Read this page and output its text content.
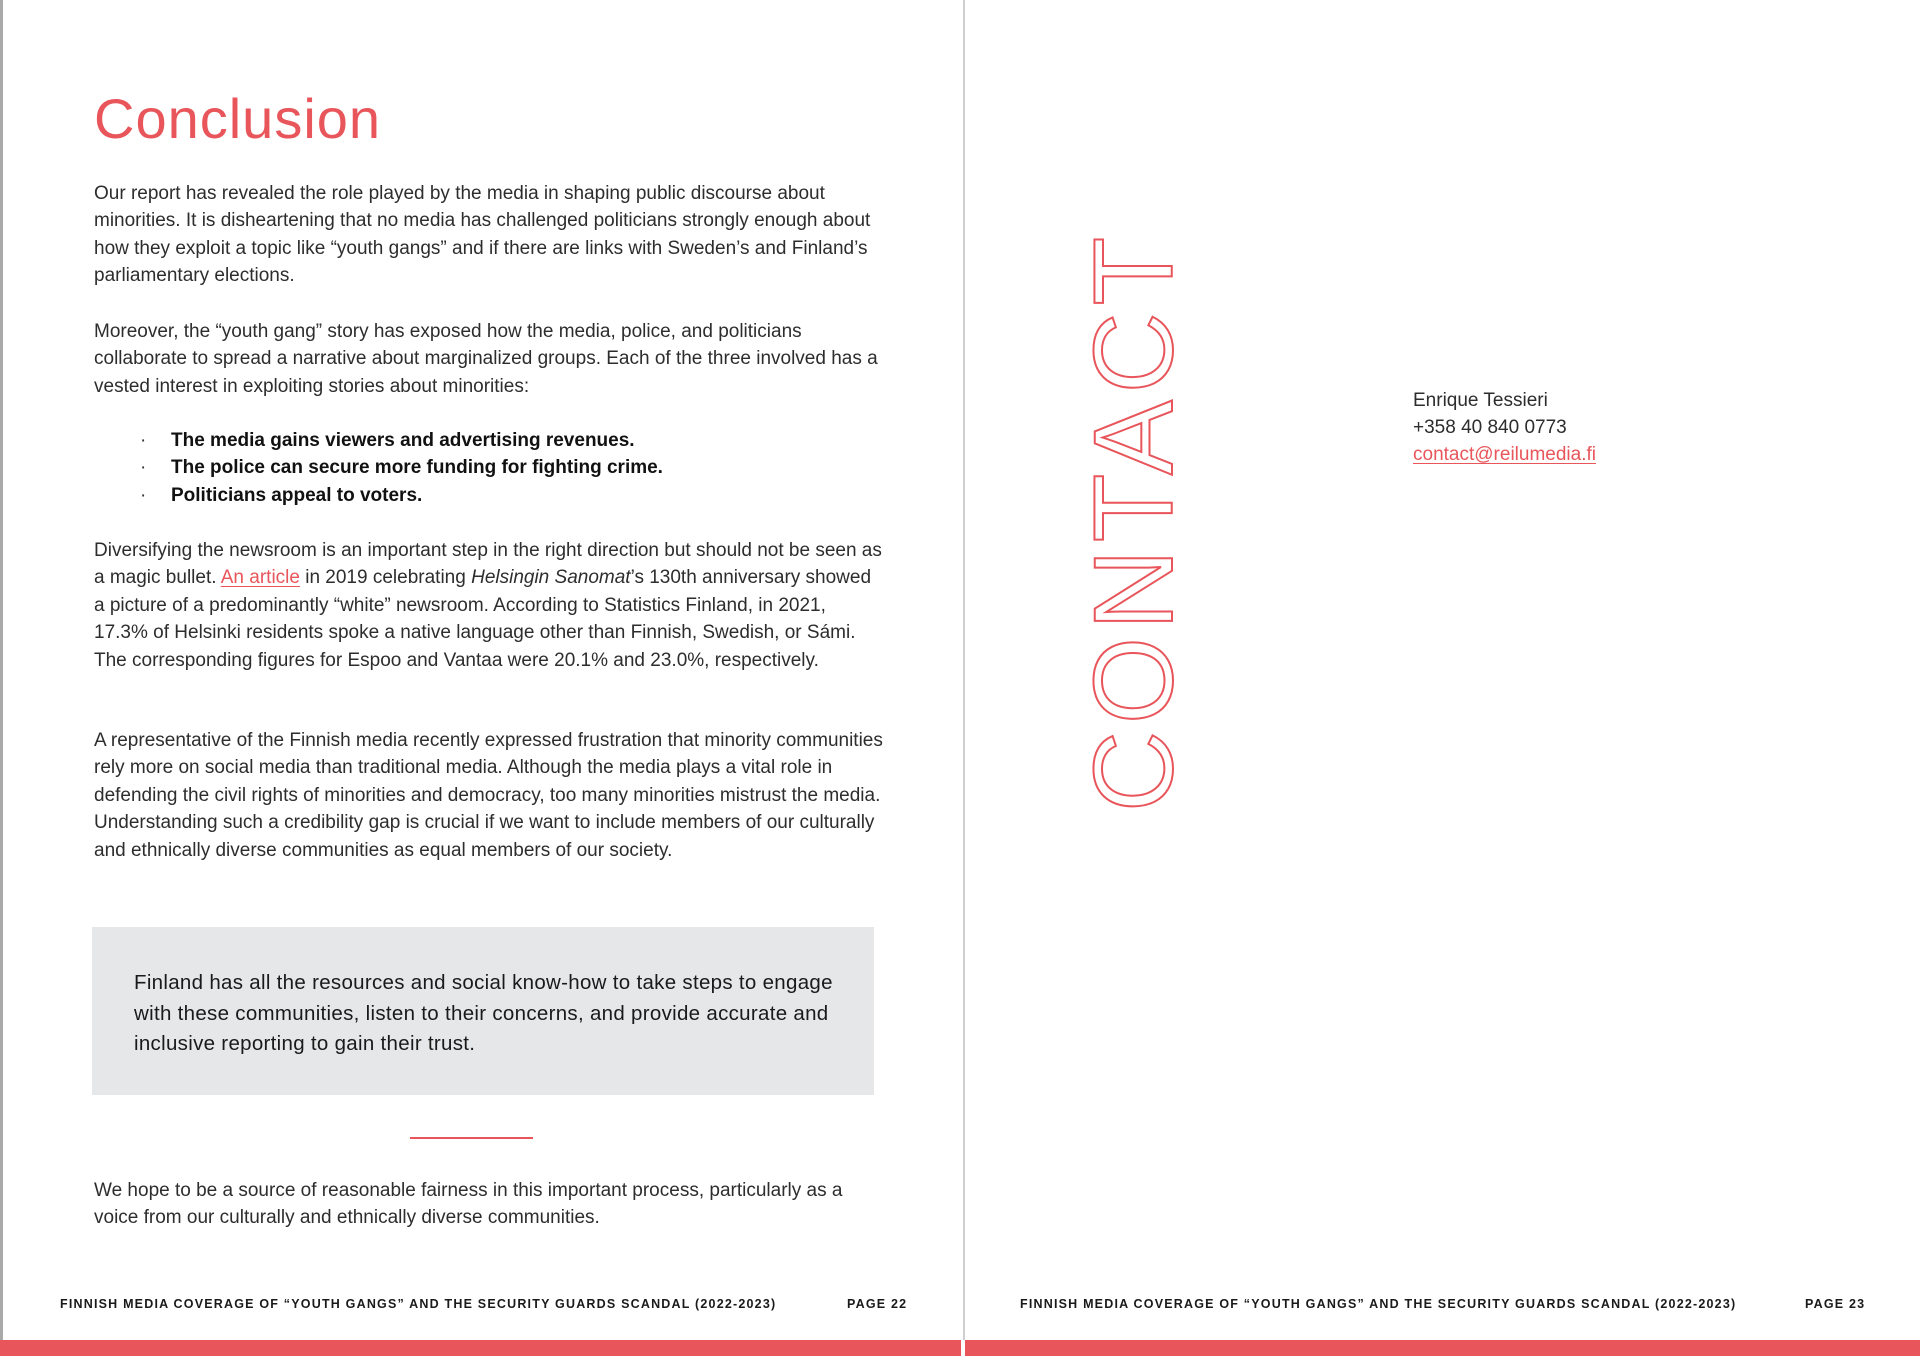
Conclusion

Our report has revealed the role played by the media in shaping public discourse about minorities. It is disheartening that no media has challenged politicians strongly enough about how they exploit a topic like “youth gangs” and if there are links with Sweden’s and Finland’s parliamentary elections.

Moreover, the “youth gang” story has exposed how the media, police, and politicians collaborate to spread a narrative about marginalized groups. Each of the three involved has a vested interest in exploiting stories about minorities:

· The media gains viewers and advertising revenues.
· The police can secure more funding for fighting crime.
· Politicians appeal to voters.

Diversifying the newsroom is an important step in the right direction but should not be seen as a magic bullet. An article in 2019 celebrating Helsingin Sanomat’s 130th anniversary showed a picture of a predominantly “white” newsroom. According to Statistics Finland, in 2021, 17.3% of Helsinki residents spoke a native language other than Finnish, Swedish, or Sámi. The corresponding figures for Espoo and Vantaa were 20.1% and 23.0%, respectively.

A representative of the Finnish media recently expressed frustration that minority communities rely more on social media than traditional media. Although the media plays a vital role in defending the civil rights of minorities and democracy, too many minorities mistrust the media. Understanding such a credibility gap is crucial if we want to include members of our culturally and ethnically diverse communities as equal members of our society.

Finland has all the resources and social know-how to take steps to engage with these communities, listen to their concerns, and provide accurate and inclusive reporting to gain their trust.

We hope to be a source of reasonable fairness in this important process, particularly as a voice from our culturally and ethnically diverse communities.

FINNISH MEDIA COVERAGE OF “YOUTH GANGS” AND THE SECURITY GUARDS SCANDAL (2022-2023)	PAGE 22
CONTACT	Enrique Tessieri
+358 40 840 0773
contact@reilumedia.fi
FINNISH MEDIA COVERAGE OF “YOUTH GANGS” AND THE SECURITY GUARDS SCANDAL (2022-2023)	PAGE 23
